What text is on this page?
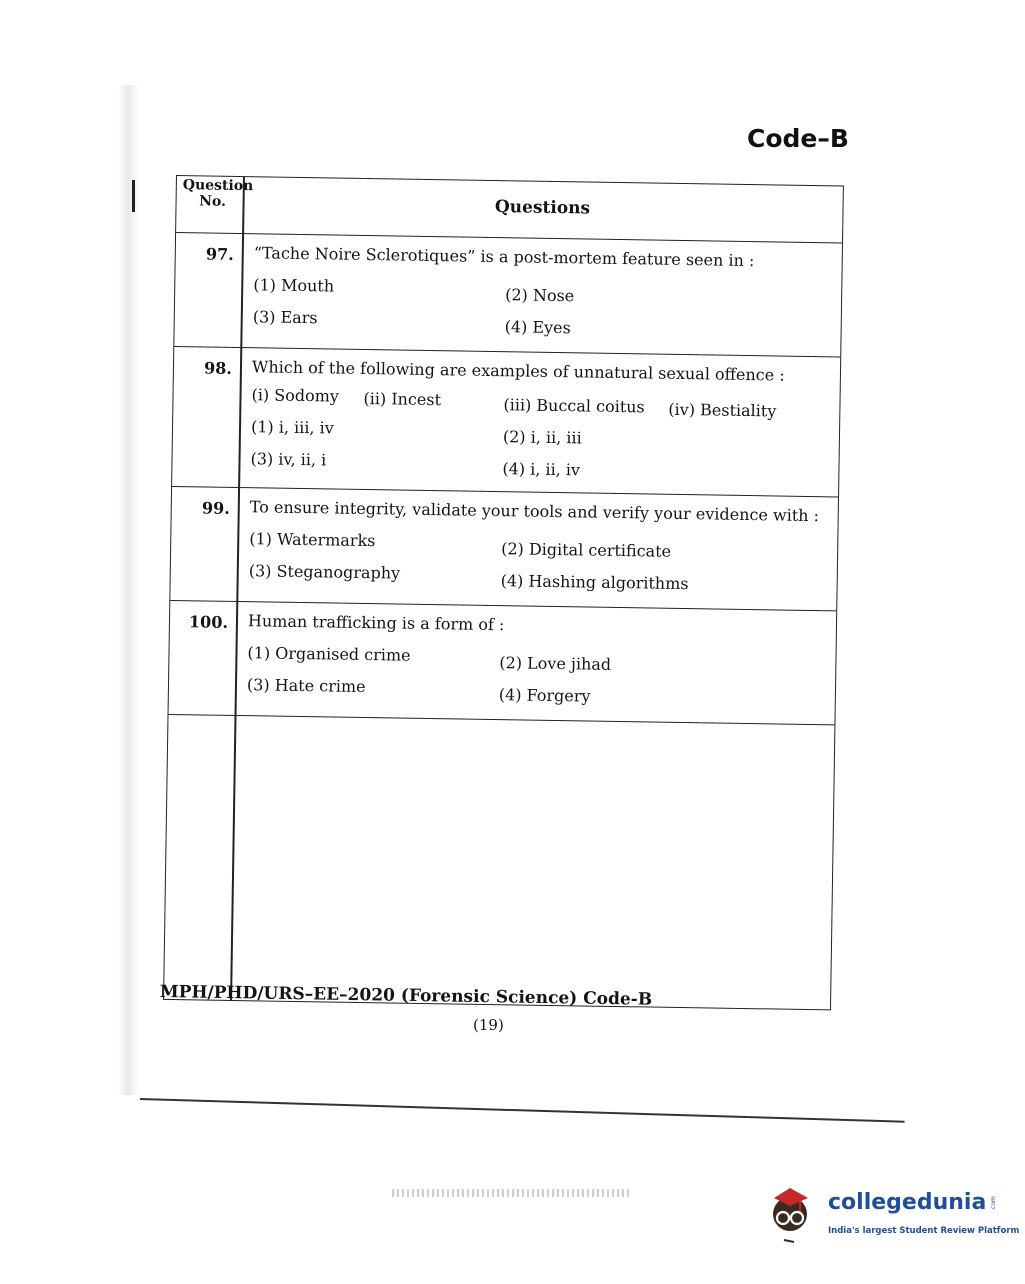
Code–B
Question
No.	Questions
97. “Tache Noire Sclerotiques” is a post-mortem feature seen in :
(1) Mouth	(2) Nose
(3) Ears	(4) Eyes
98. Which of the following are examples of unnatural sexual offence :
(i) Sodomy (ii) Incest	(iii) Buccal coitus (iv) Bestiality
(1) i, iii, iv	(2) i, ii, iii
(3) iv, ii, i	(4) i, ii, iv
99. To ensure integrity, validate your tools and verify your evidence with :
(1) Watermarks	(2) Digital certificate
(3) Steganography	(4) Hashing algorithms
100. Human trafficking is a form of :
(1) Organised crime	(2) Love jihad
(3) Hate crime	(4) Forgery
MPH/PHD/URS–EE–2020 (Forensic Science) Code-B
(19)
collegedunia .com
India's largest Student Review Platform
